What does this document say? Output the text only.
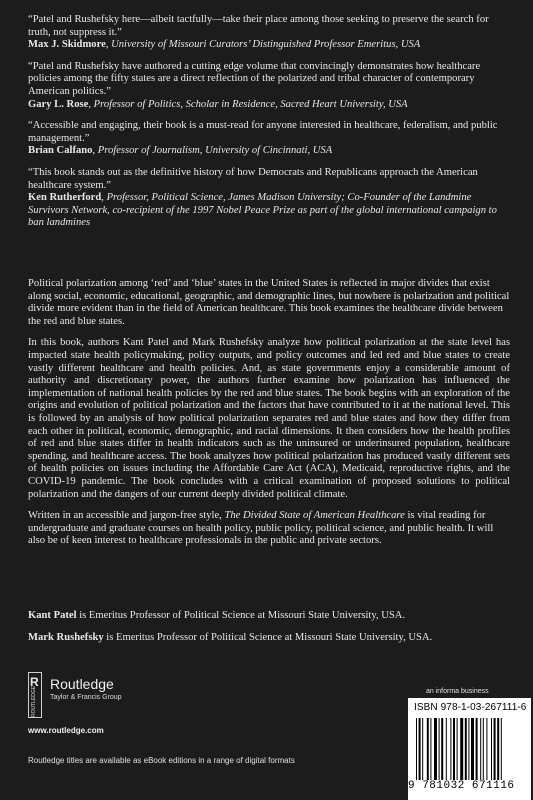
“Patel and Rushefsky here—albeit tactfully—take their place among those seeking to preserve the search for truth, not suppress it.”
Max J. Skidmore, University of Missouri Curators’ Distinguished Professor Emeritus, USA
“Patel and Rushefsky have authored a cutting edge volume that convincingly demonstrates how healthcare policies among the fifty states are a direct reflection of the polarized and tribal character of contemporary American politics.”
Gary L. Rose, Professor of Politics, Scholar in Residence, Sacred Heart University, USA
“Accessible and engaging, their book is a must-read for anyone interested in healthcare, federalism, and public management.”
Brian Calfano, Professor of Journalism, University of Cincinnati, USA
“This book stands out as the definitive history of how Democrats and Republicans approach the American healthcare system.”
Ken Rutherford, Professor, Political Science, James Madison University; Co-Founder of the Landmine Survivors Network, co-recipient of the 1997 Nobel Peace Prize as part of the global international campaign to ban landmines

Political polarization among ‘red’ and ‘blue’ states in the United States is reflected in major divides that exist along social, economic, educational, geographic, and demographic lines, but nowhere is polarization and political divide more evident than in the field of American healthcare. This book examines the healthcare divide between the red and blue states.

In this book, authors Kant Patel and Mark Rushefsky analyze how political polarization at the state level has impacted state health policymaking, policy outputs, and policy outcomes and led red and blue states to create vastly different healthcare and health policies. And, as state governments enjoy a considerable amount of authority and discretionary power, the authors further examine how polarization has influenced the implementation of national health policies by the red and blue states. The book begins with an exploration of the origins and evolution of political polarization and the factors that have contributed to it at the national level. This is followed by an analysis of how political polarization separates red and blue states and how they differ from each other in political, economic, demographic, and racial dimensions. It then considers how the health profiles of red and blue states differ in health indicators such as the uninsured or underinsured population, healthcare spending, and healthcare access. The book analyzes how political polarization has produced vastly different sets of health policies on issues including the Affordable Care Act (ACA), Medicaid, reproductive rights, and the COVID-19 pandemic. The book concludes with a critical examination of proposed solutions to political polarization and the dangers of our current deeply divided political climate.

Written in an accessible and jargon-free style, The Divided State of American Healthcare is vital reading for undergraduate and graduate courses on health policy, public policy, political science, and public health. It will also be of keen interest to healthcare professionals in the public and private sectors.

Kant Patel is Emeritus Professor of Political Science at Missouri State University, USA.

Mark Rushefsky is Emeritus Professor of Political Science at Missouri State University, USA.

R
ROUTLEDGE
Routledge
Taylor & Francis Group
www.routledge.com
Routledge titles are available as eBook editions in a range of digital formats
an informa business
ISBN 978-1-03-267111-6
9 781032 671116
